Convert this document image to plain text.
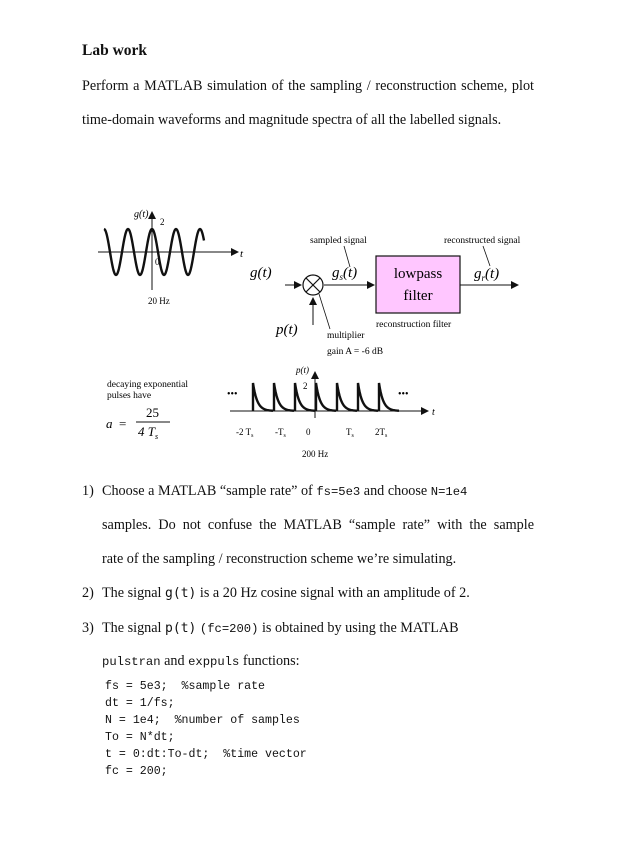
Lab work
Perform a MATLAB simulation of the sampling / reconstruction scheme, plot time-domain waveforms and magnitude spectra of all the labelled signals.
g(t)
2
t
0
20 Hz
g(t)
sampled signal
$g_s(t)$ lowpass
filter
reconstructed signal
$g_r(t)$
reconstruction filter
multiplier
gain A = -6 dB
p(t)
p(t)
2
t
•••	•••
-2 $T_s$ $-T_s$ 0	$T_s$ $2T_s$
200 Hz
decaying exponential
pulses have
a =
25
4 $T_s$
1) Choose a MATLAB “sample rate” of fs=5e3 and choose N=1e4
samples. Do not confuse the MATLAB “sample rate” with the sample
rate of the sampling / reconstruction scheme we’re simulating.
2) The signal g(t) is a 20 Hz cosine signal with an amplitude of 2.
3) The signal p(t) (fc=200) is obtained by using the MATLAB
pulstran and exppuls functions:
fs = 5e3;  %sample rate
dt = 1/fs;
N = 1e4;  %number of samples
To = N*dt;
t = 0:dt:To-dt;  %time vector
fc = 200;
